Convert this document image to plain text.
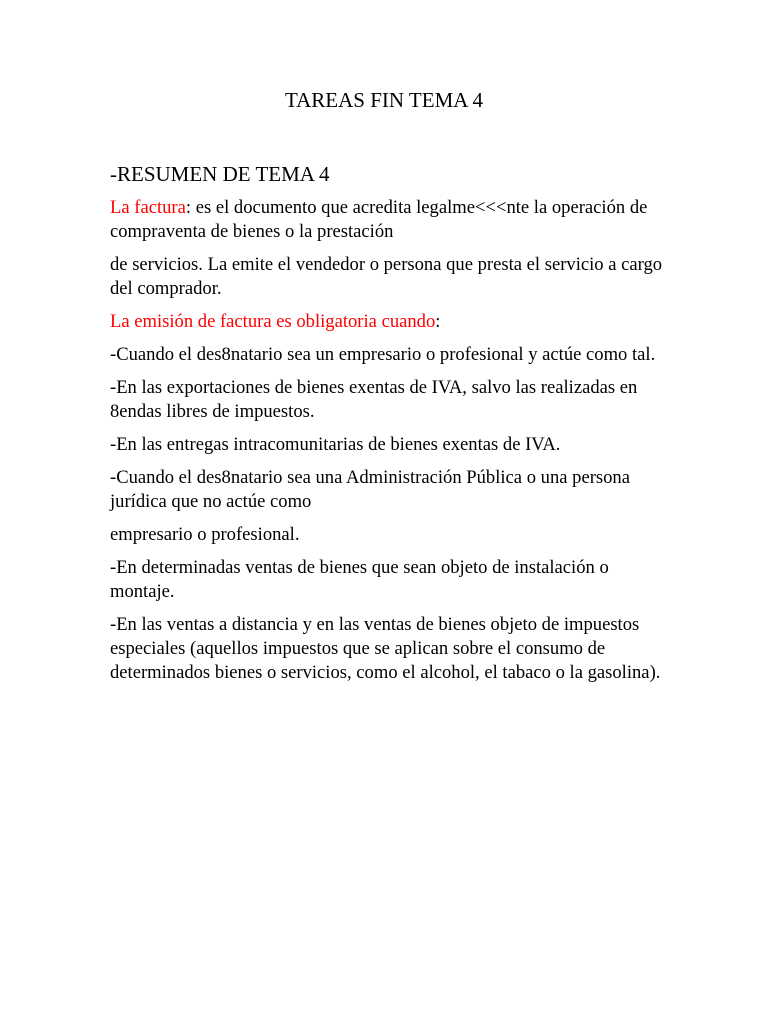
TAREAS FIN TEMA 4
-RESUMEN DE TEMA 4
La factura: es el documento que acredita legalme<<<nte la operación de compraventa de bienes o la prestación
de servicios. La emite el vendedor o persona que presta el servicio a cargo del comprador.
La emisión de factura es obligatoria cuando:
-Cuando el des8natario sea un empresario o profesional y actúe como tal.
-En las exportaciones de bienes exentas de IVA, salvo las realizadas en 8endas libres de impuestos.
-En las entregas intracomunitarias de bienes exentas de IVA.
-Cuando el des8natario sea una Administración Pública o una persona jurídica que no actúe como
empresario o profesional.
-En determinadas ventas de bienes que sean objeto de instalación o montaje.
-En las ventas a distancia y en las ventas de bienes objeto de impuestos especiales (aquellos impuestos que se aplican sobre el consumo de determinados bienes o servicios, como el alcohol, el tabaco o la gasolina).
